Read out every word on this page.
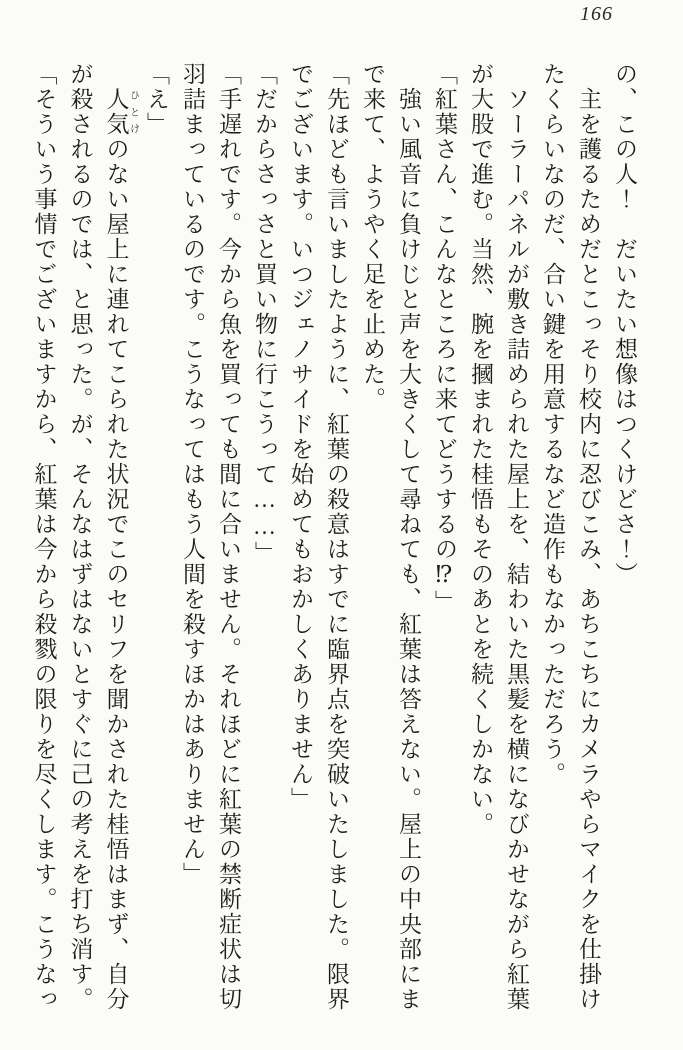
166
の、この人！　だいたい想像はつくけどさ！）
　主を護るためだとこっそり校内に忍びこみ、あちこちにカメラやらマイクを仕掛け
たくらいなのだ、合い鍵を用意するなど造作もなかっただろう。
　ソーラーパネルが敷き詰められた屋上を、結わいた黒髪を横になびかせながら紅葉
が大股で進む。当然、腕を摑まれた桂悟もそのあとを続くしかない。
「紅葉さん、こんなところに来てどうするの⁉」
　強い風音に負けじと声を大きくして尋ねても、紅葉は答えない。屋上の中央部にま
で来て、ようやく足を止めた。
「先ほども言いましたように、紅葉の殺意はすでに臨界点を突破いたしました。限界
でございます。いつジェノサイドを始めてもおかしくありません」
「だからさっさと買い物に行こうって……」
「手遅れです。今から魚を買っても間に合いません。それほどに紅葉の禁断症状は切
羽詰まっているのです。こうなってはもう人間を殺すほかはありません」
「え」
　人気 ひとけのない屋上に連れてこられた状況でこのセリフを聞かされた桂悟はまず、自分
が殺されるのでは、と思った。が、そんなはずはないとすぐに己の考えを打ち消す。
「そういう事情でございますから、紅葉は今から殺戮の限りを尽くします。こうなっ
